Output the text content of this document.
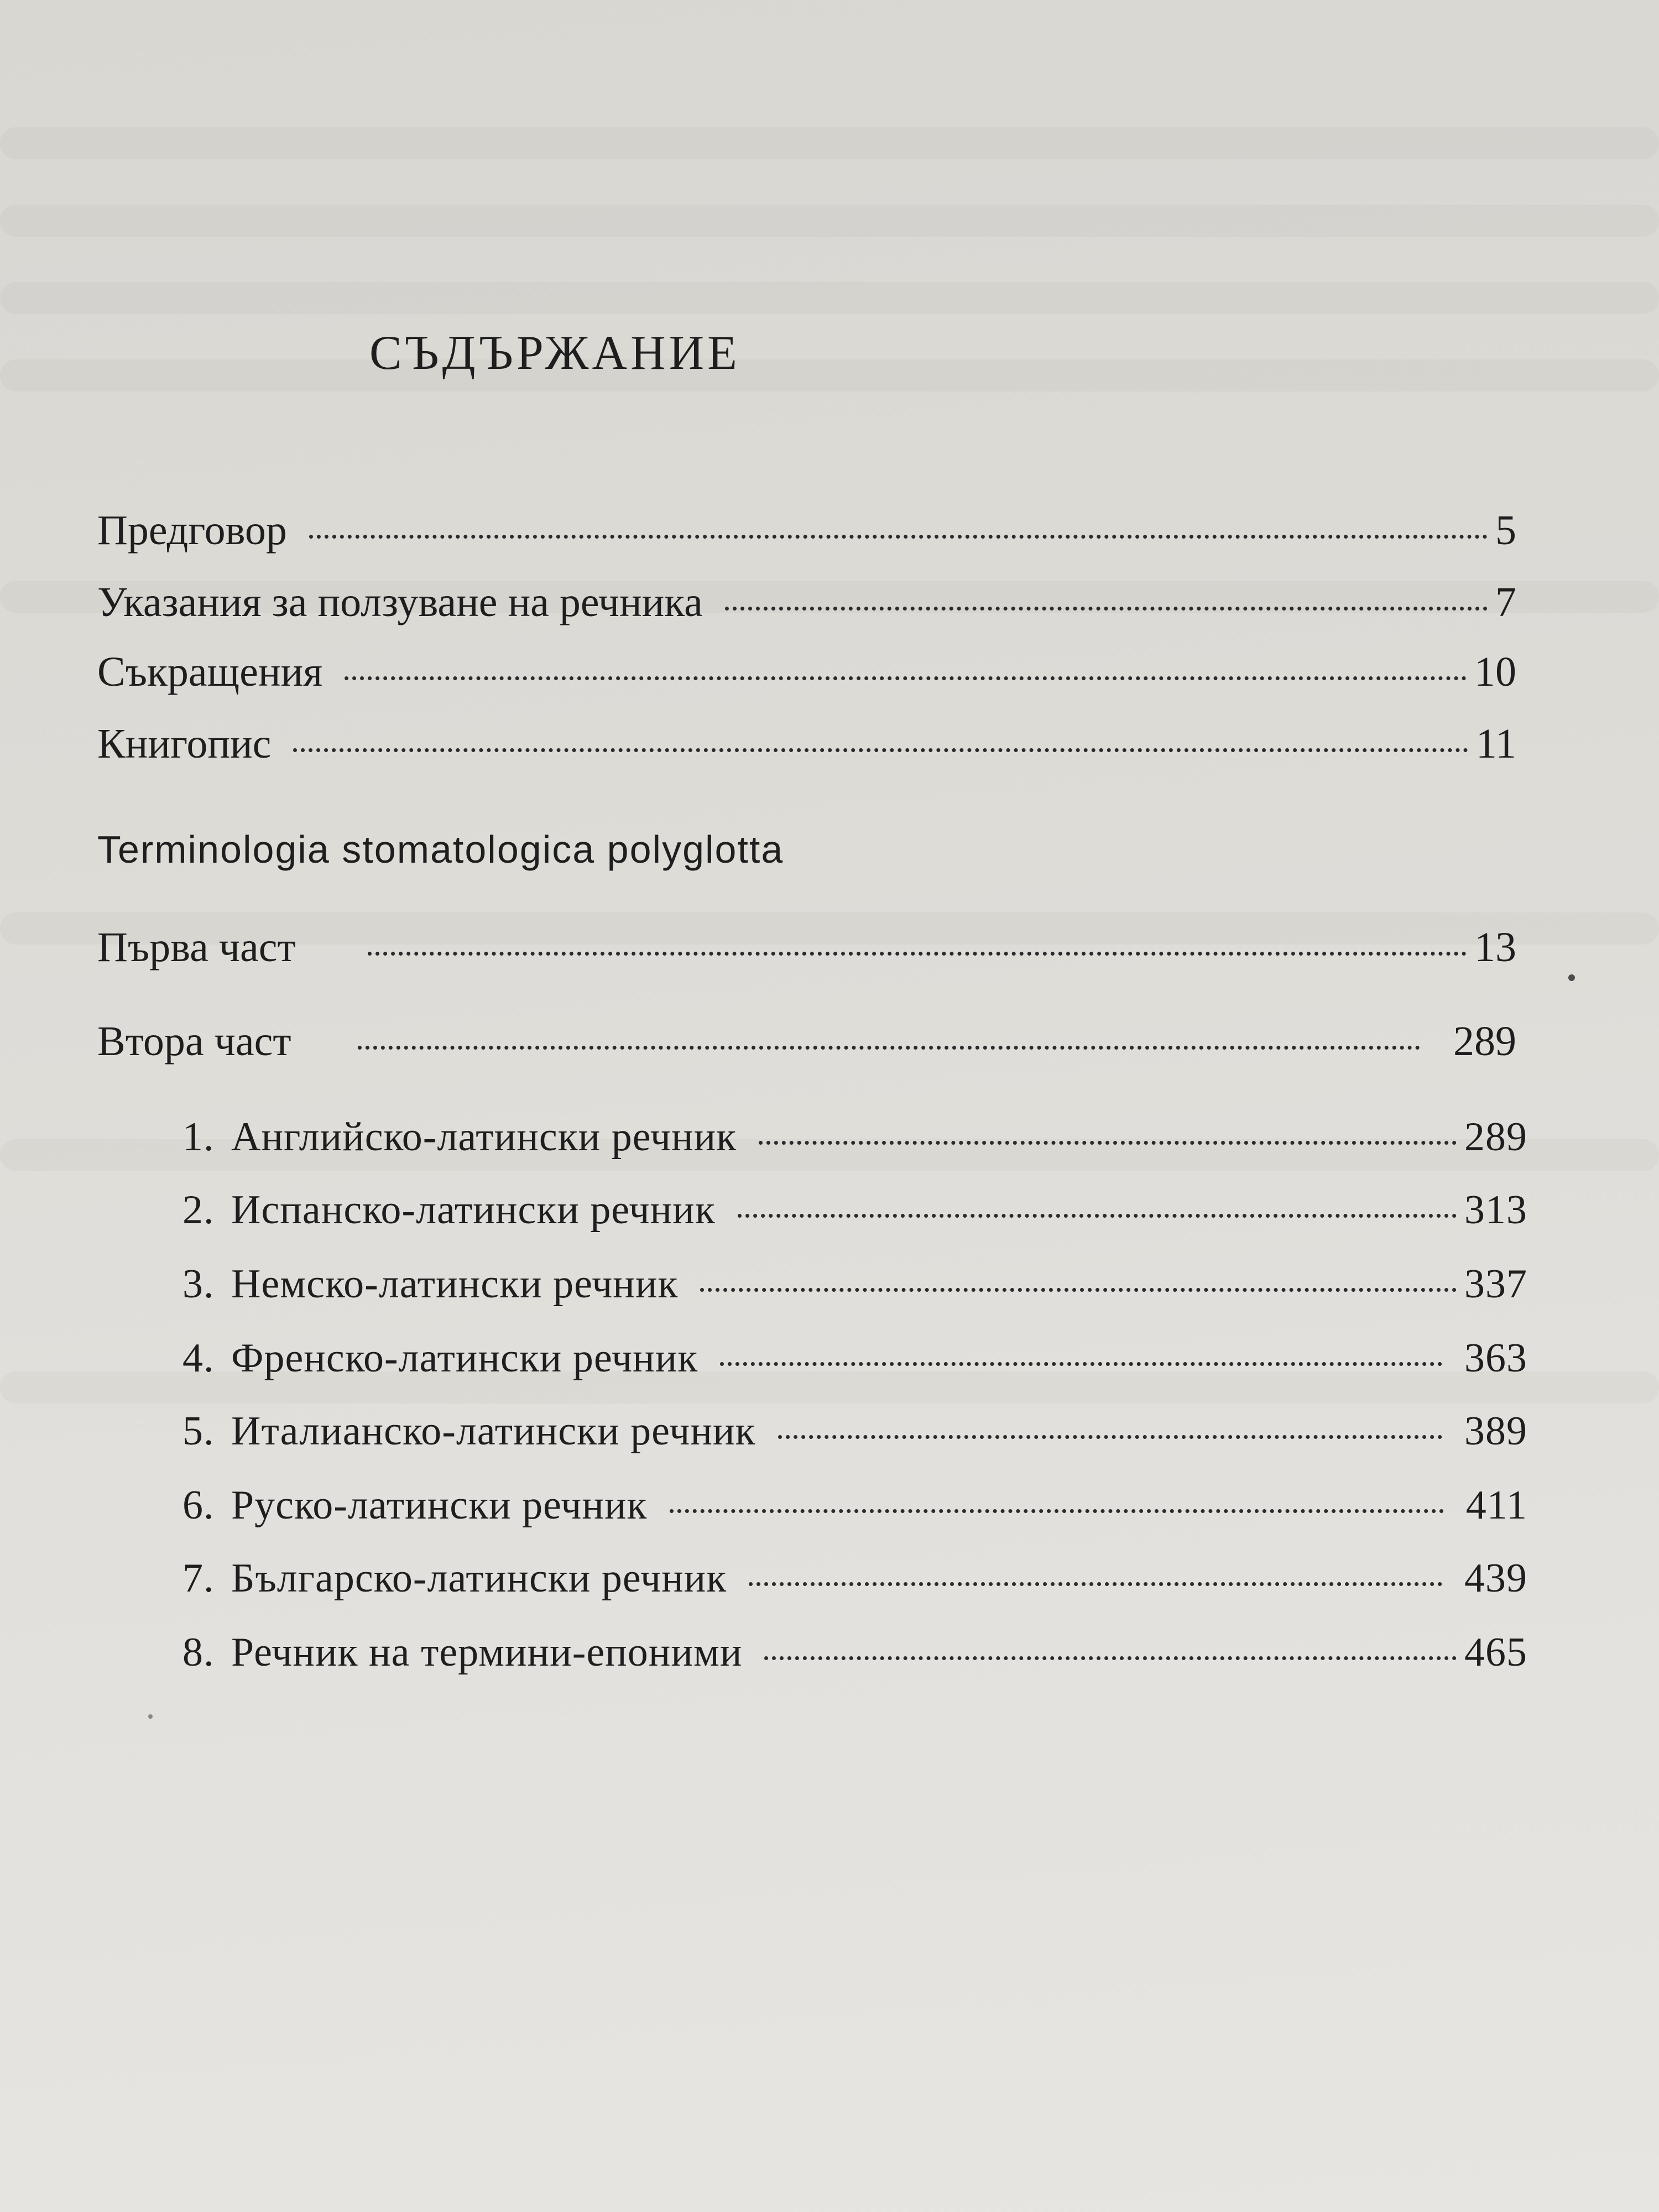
СЪДЪРЖАНИЕ
Предговор	5
Указания за ползуване на речника	7
Съкращения	10
Книгопис	11
Terminologia stomatologica polyglotta
Първа част	13
Втора част	289
1. Английско-латински речник	289
2. Испанско-латински речник	313
3. Немско-латински речник	337
4. Френско-латински речник	363
5. Италианско-латински речник	389
6. Руско-латински речник	411
7. Българско-латински речник	439
8. Речник на термини-епоними	465
